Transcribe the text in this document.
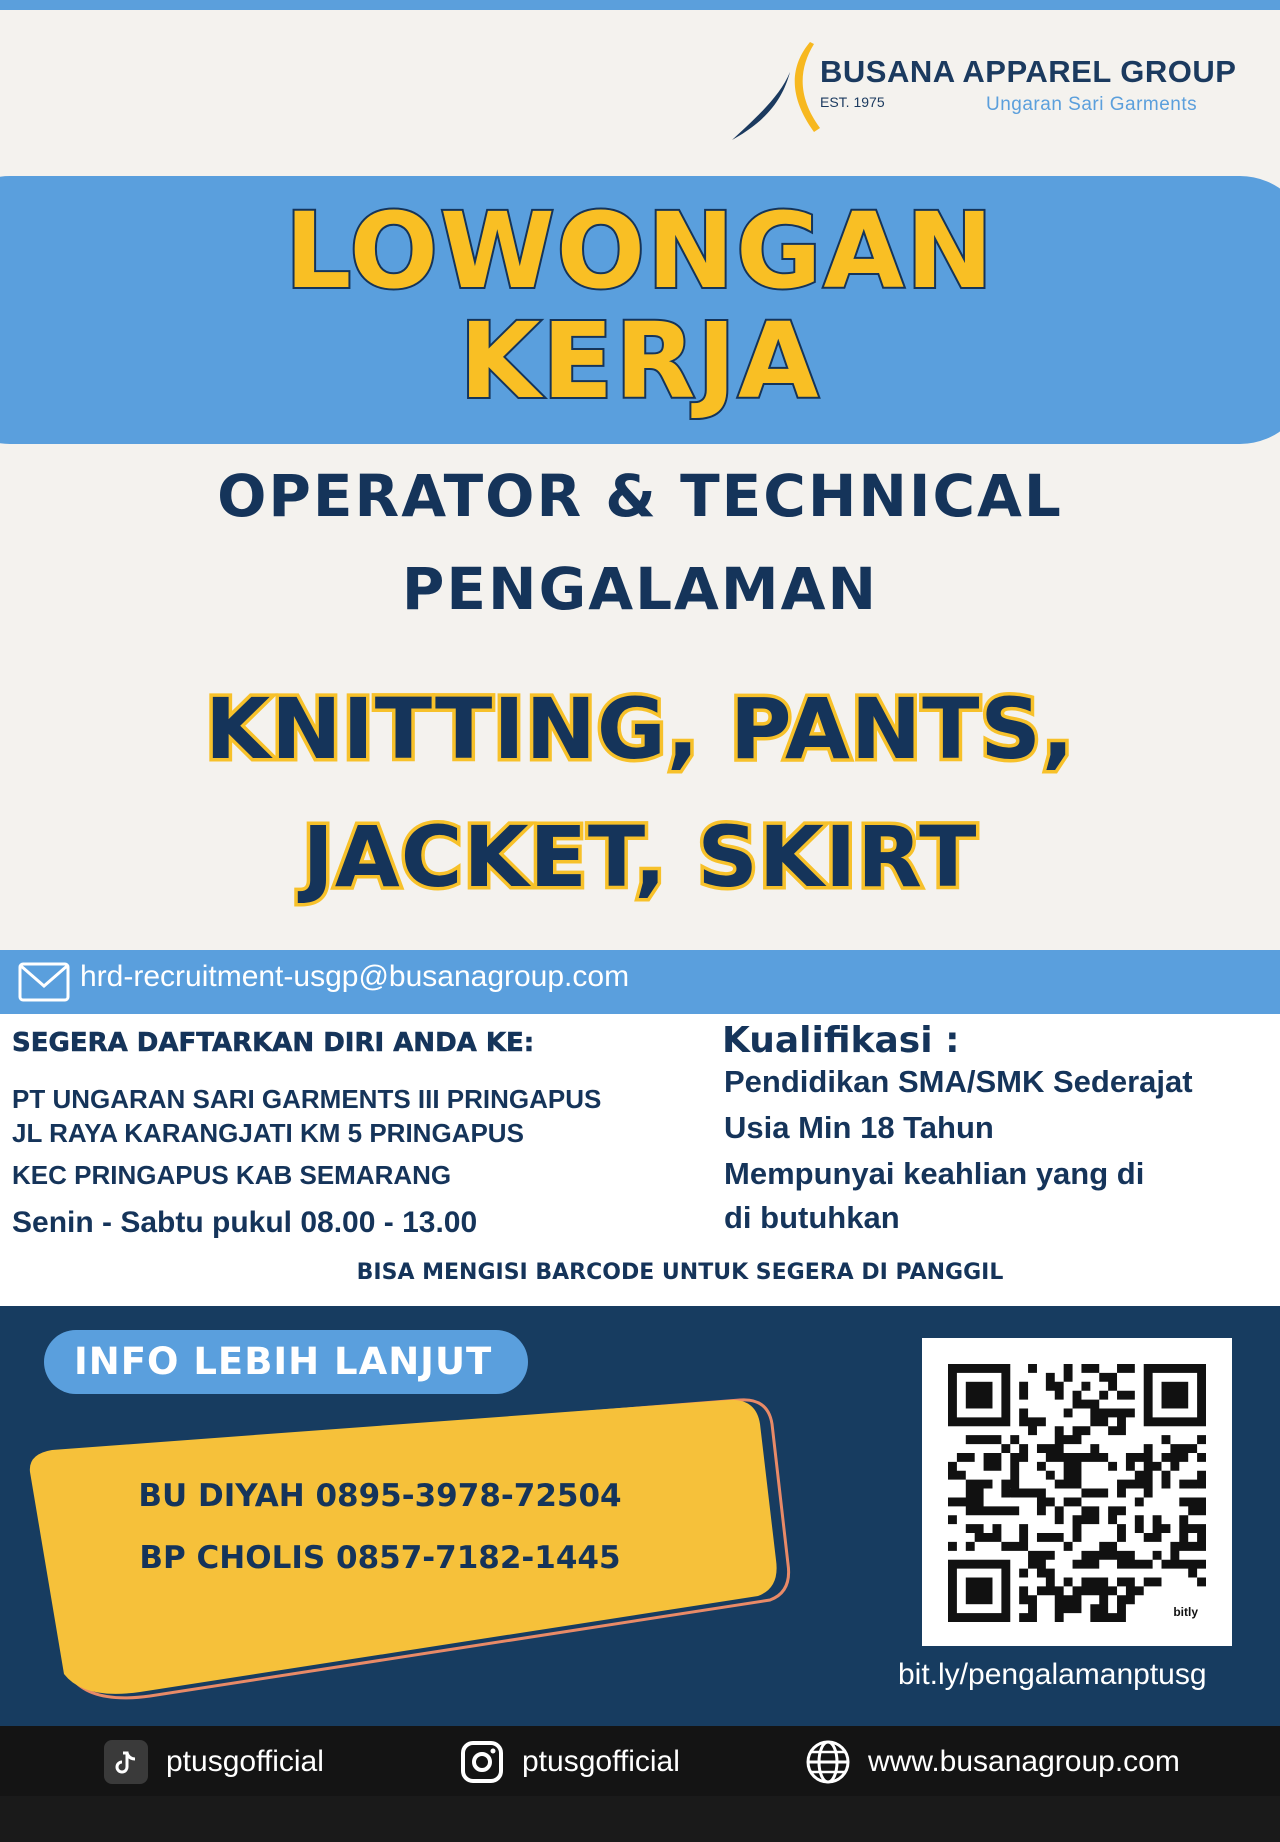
BUSANA APPAREL GROUP
EST. 1975	Ungaran Sari Garments
LOWONGAN
KERJA
OPERATOR & TECHNICAL
PENGALAMAN
KNITTING, PANTS,
JACKET, SKIRT
hrd-recruitment-usgp@busanagroup.com
SEGERA DAFTARKAN DIRI ANDA KE:
PT UNGARAN SARI GARMENTS III PRINGAPUS
JL RAYA KARANGJATI KM 5 PRINGAPUS
KEC PRINGAPUS KAB SEMARANG
Senin - Sabtu pukul 08.00 - 13.00
Kualifikasi :
Pendidikan SMA/SMK Sederajat
Usia Min 18 Tahun
Mempunyai keahlian yang di
di butuhkan
BISA MENGISI BARCODE UNTUK SEGERA DI PANGGIL
INFO LEBIH LANJUT
BU DIYAH 0895-3978-72504
BP CHOLIS 0857-7182-1445
bitly
bit.ly/pengalamanptusg
ptusgofficial	ptusgofficial	www.busanagroup.com
